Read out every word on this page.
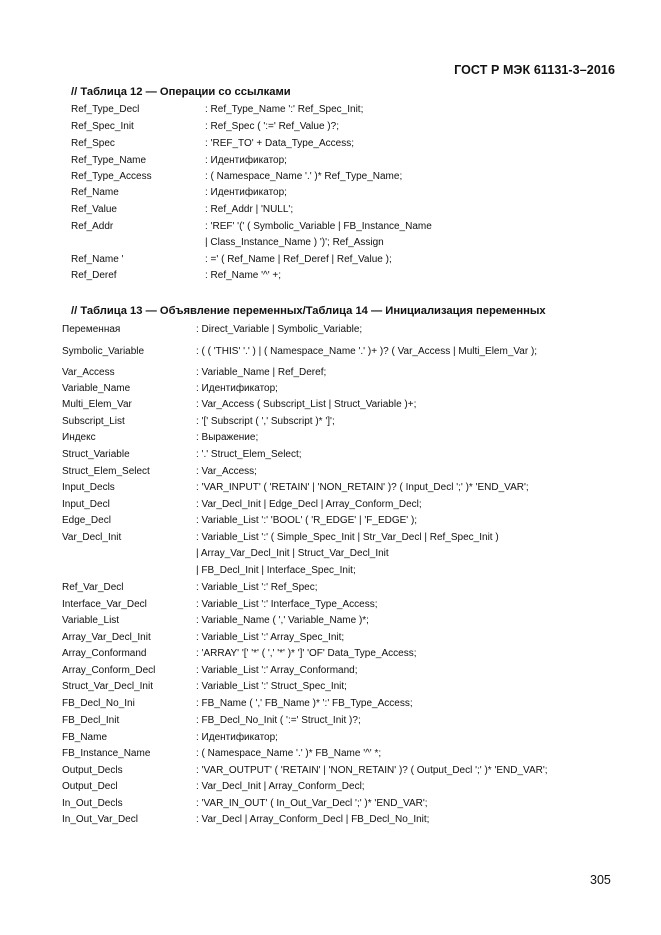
ГОСТ Р МЭК 61131-3–2016
// Таблица 12 — Операции со ссылками
Ref_Type_Decl	: Ref_Type_Name ':' Ref_Spec_Init;
Ref_Spec_Init	: Ref_Spec ( ':=' Ref_Value )?;
Ref_Spec	: 'REF_TO' + Data_Type_Access;
Ref_Type_Name	: Идентификатор;
Ref_Type_Access	: ( Namespace_Name '.' )* Ref_Type_Name;
Ref_Name	: Идентификатор;
Ref_Value	: Ref_Addr | 'NULL';
Ref_Addr	: 'REF' '(' ( Symbolic_Variable | FB_Instance_Name
| Class_Instance_Name ) ')'; Ref_Assign
Ref_Name '	: =' ( Ref_Name | Ref_Deref | Ref_Value );
Ref_Deref	: Ref_Name '^' +;
// Таблица 13 — Объявление переменных/Таблица 14 — Инициализация переменных
Переменная	: Direct_Variable | Symbolic_Variable;
Symbolic_Variable	: ( ( 'THIS' '.' ) | ( Namespace_Name '.' )+ )? ( Var_Access | Multi_Elem_Var );
Var_Access	: Variable_Name | Ref_Deref;
Variable_Name	: Идентификатор;
Multi_Elem_Var	: Var_Access ( Subscript_List | Struct_Variable )+;
Subscript_List	: '[' Subscript ( ',' Subscript )* ']';
Индекс	: Выражение;
Struct_Variable	: '.' Struct_Elem_Select;
Struct_Elem_Select	: Var_Access;
Input_Decls	: 'VAR_INPUT' ( 'RETAIN' | 'NON_RETAIN' )? ( Input_Decl ';' )* 'END_VAR';
Input_Decl	: Var_Decl_Init | Edge_Decl | Array_Conform_Decl;
Edge_Decl	: Variable_List ':' 'BOOL' ( 'R_EDGE' | 'F_EDGE' );
Var_Decl_Init	: Variable_List ':' ( Simple_Spec_Init | Str_Var_Decl | Ref_Spec_Init )
| Array_Var_Decl_Init | Struct_Var_Decl_Init
| FB_Decl_Init | Interface_Spec_Init;
Ref_Var_Decl	: Variable_List ':' Ref_Spec;
Interface_Var_Decl	: Variable_List ':' Interface_Type_Access;
Variable_List	: Variable_Name ( ',' Variable_Name )*;
Array_Var_Decl_Init	: Variable_List ':' Array_Spec_Init;
Array_Conformand	: 'ARRAY' '[' '*' ( ',' '*' )* ']' 'OF' Data_Type_Access;
Array_Conform_Decl	: Variable_List ':' Array_Conformand;
Struct_Var_Decl_Init	: Variable_List ':' Struct_Spec_Init;
FB_Decl_No_Ini	: FB_Name ( ',' FB_Name )* ':' FB_Type_Access;
FB_Decl_Init	: FB_Decl_No_Init ( ':=' Struct_Init )?;
FB_Name	: Идентификатор;
FB_Instance_Name	: ( Namespace_Name '.' )* FB_Name '^' *;
Output_Decls	: 'VAR_OUTPUT' ( 'RETAIN' | 'NON_RETAIN' )? ( Output_Decl ';' )* 'END_VAR';
Output_Decl	: Var_Decl_Init | Array_Conform_Decl;
In_Out_Decls	: 'VAR_IN_OUT' ( In_Out_Var_Decl ';' )* 'END_VAR';
In_Out_Var_Decl	: Var_Decl | Array_Conform_Decl | FB_Decl_No_Init;
305
